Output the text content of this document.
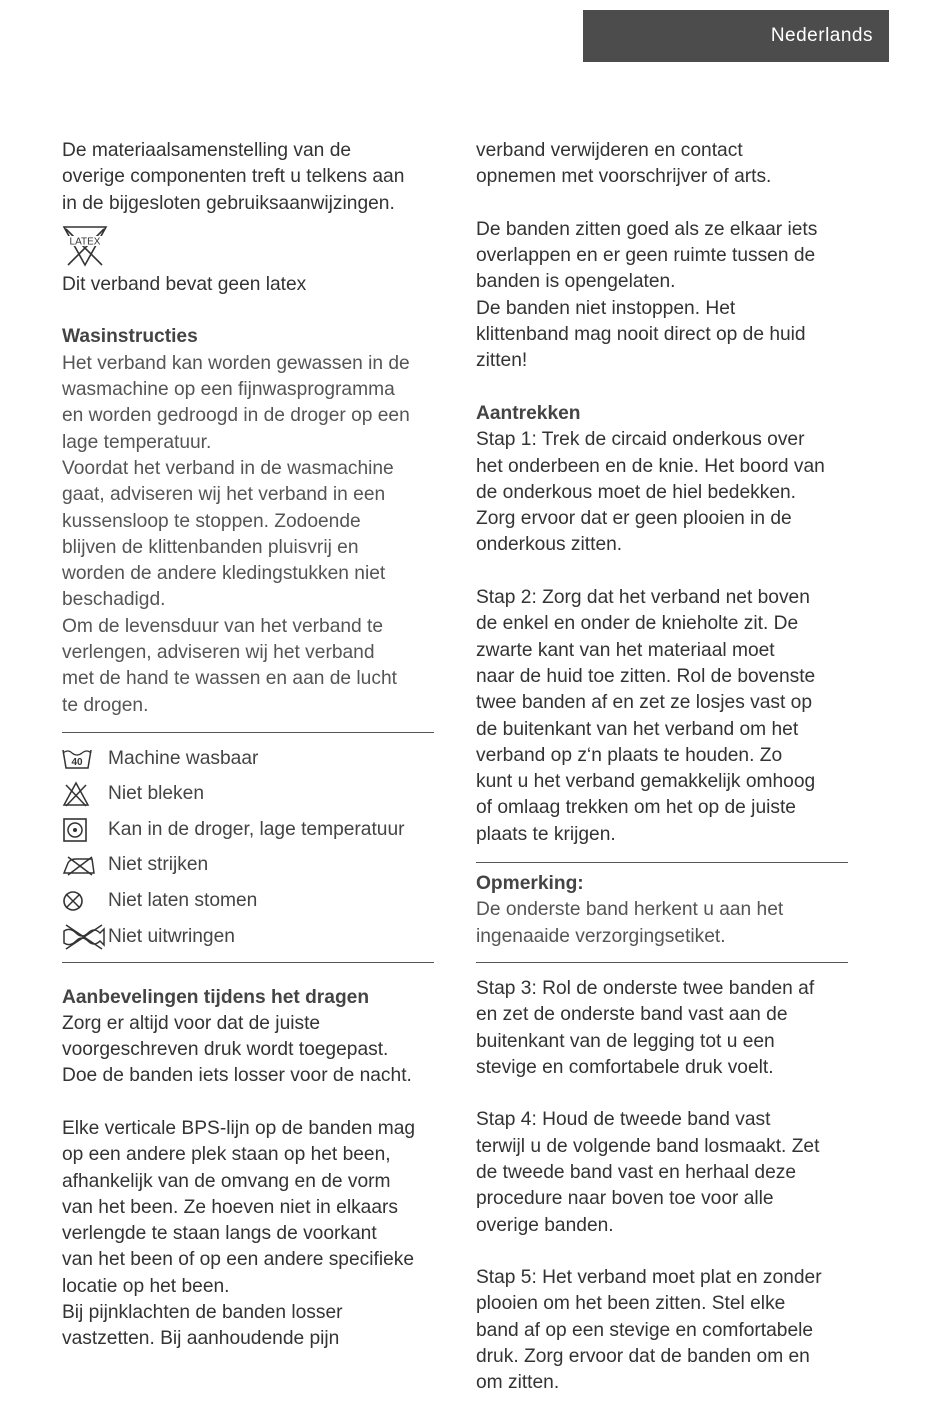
Nederlands

De materiaalsamenstelling van de

overige componenten treft u telkens aan

in de bijgesloten gebruiksaanwijzingen.

LATEX

Dit verband bevat geen latex

Wasinstructies

Het verband kan worden gewassen in de

wasmachine op een fijnwasprogramma

en worden gedroogd in de droger op een

lage temperatuur.

Voordat het verband in de wasmachine

gaat, adviseren wij het verband in een

kussensloop te stoppen. Zodoende

blijven de klittenbanden pluisvrij en

worden de andere kledingstukken niet

beschadigd.

Om de levensduur van het verband te

verlengen, adviseren wij het verband

met de hand te wassen en aan de lucht

te drogen.

40 Machine wasbaar
Niet bleken
Kan in de droger, lage temperatuur
Niet strijken
Niet laten stomen
Niet uitwringen

Aanbevelingen tijdens het dragen

Zorg er altijd voor dat de juiste

voorgeschreven druk wordt toegepast.

Doe de banden iets losser voor de nacht.

Elke verticale BPS-lijn op de banden mag

op een andere plek staan op het been,

afhankelijk van de omvang en de vorm

van het been. Ze hoeven niet in elkaars

verlengde te staan langs de voorkant

van het been of op een andere specifieke

locatie op het been.

Bij pijnklachten de banden losser

vastzetten. Bij aanhoudende pijn

verband verwijderen en contact

opnemen met voorschrijver of arts.

De banden zitten goed als ze elkaar iets

overlappen en er geen ruimte tussen de

banden is opengelaten.

De banden niet instoppen. Het

klittenband mag nooit direct op de huid

zitten!

Aantrekken

Stap 1: Trek de circaid onderkous over

het onderbeen en de knie. Het boord van

de onderkous moet de hiel bedekken.

Zorg ervoor dat er geen plooien in de

onderkous zitten.

Stap 2: Zorg dat het verband net boven

de enkel en onder de knieholte zit. De

zwarte kant van het materiaal moet

naar de huid toe zitten. Rol de bovenste

twee banden af en zet ze losjes vast op

de buitenkant van het verband om het

verband op z‘n plaats te houden. Zo

kunt u het verband gemakkelijk omhoog

of omlaag trekken om het op de juiste

plaats te krijgen.

Opmerking:

De onderste band herkent u aan het

ingenaaide verzorgingsetiket.

Stap 3: Rol de onderste twee banden af

en zet de onderste band vast aan de

buitenkant van de legging tot u een

stevige en comfortabele druk voelt.

Stap 4: Houd de tweede band vast

terwijl u de volgende band losmaakt. Zet

de tweede band vast en herhaal deze

procedure naar boven toe voor alle

overige banden.

Stap 5: Het verband moet plat en zonder

plooien om het been zitten. Stel elke

band af op een stevige en comfortabele

druk. Zorg ervoor dat de banden om en

om zitten.
